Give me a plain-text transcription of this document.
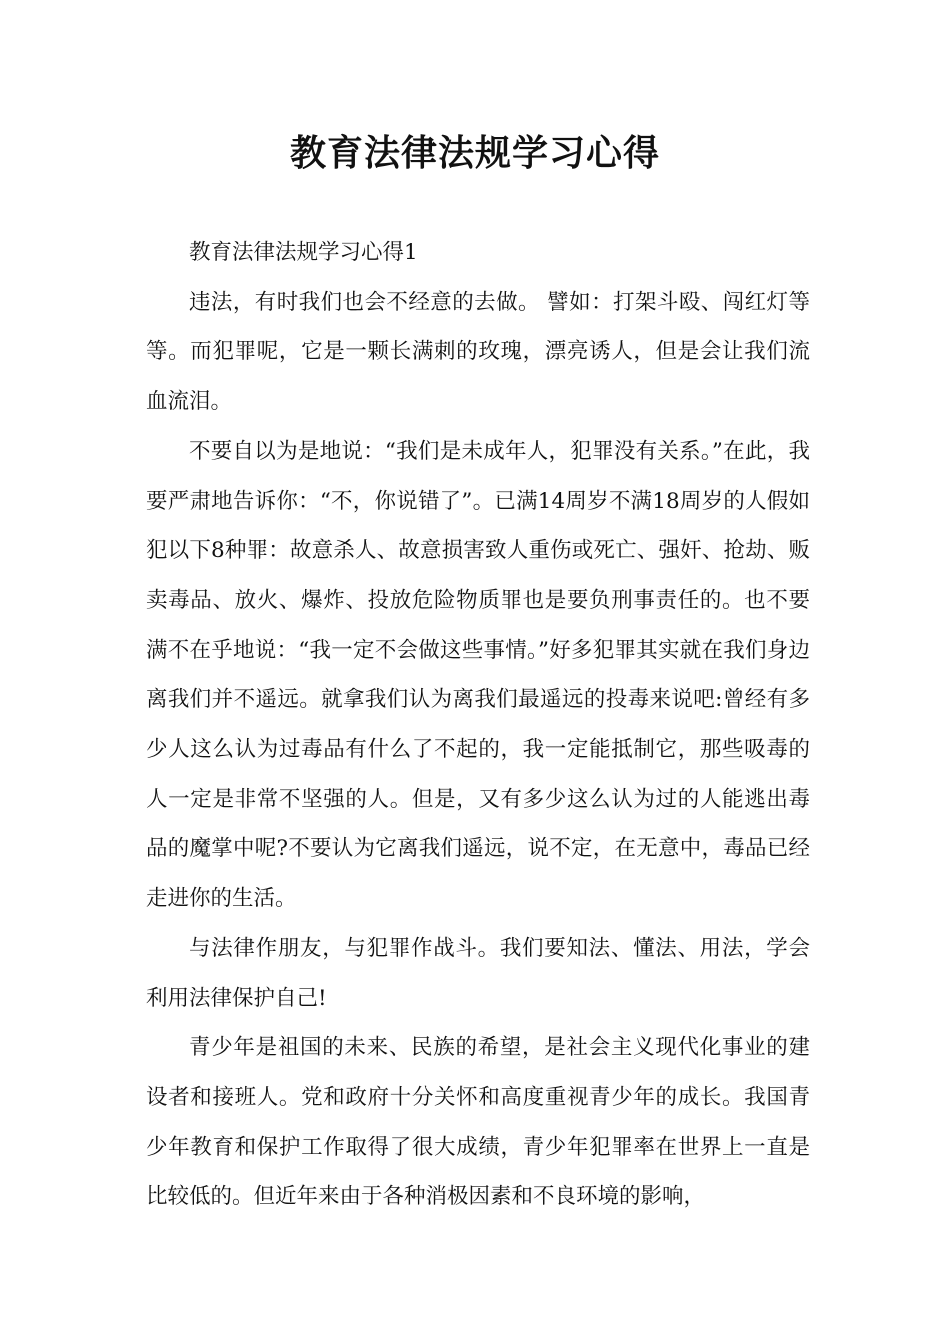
教育法律法规学习心得

教育法律法规学习心得1

违法，有时我们也会不经意的去做。 譬如：打架斗殴、闯红灯等等。而犯罪呢，它是一颗长满刺的玫瑰，漂亮诱人，但是会让我们流血流泪。

不要自以为是地说：“我们是未成年人，犯罪没有关系。”在此，我要严肃地告诉你：“不，你说错了”。已满14周岁不满18周岁的人假如犯以下8种罪：故意杀人、故意损害致人重伤或死亡、强奸、抢劫、贩卖毒品、放火、爆炸、投放危险物质罪也是要负刑事责任的。也不要满不在乎地说：“我一定不会做这些事情。”好多犯罪其实就在我们身边离我们并不遥远。就拿我们认为离我们最遥远的投毒来说吧:曾经有多少人这么认为过毒品有什么了不起的，我一定能抵制它，那些吸毒的人一定是非常不坚强的人。但是，又有多少这么认为过的人能逃出毒品的魔掌中呢?不要认为它离我们遥远，说不定，在无意中，毒品已经走进你的生活。

与法律作朋友，与犯罪作战斗。我们要知法、懂法、用法，学会利用法律保护自己!

青少年是祖国的未来、民族的希望，是社会主义现代化事业的建设者和接班人。党和政府十分关怀和高度重视青少年的成长。我国青少年教育和保护工作取得了很大成绩，青少年犯罪率在世界上一直是比较低的。但近年来由于各种消极因素和不良环境的影响，
